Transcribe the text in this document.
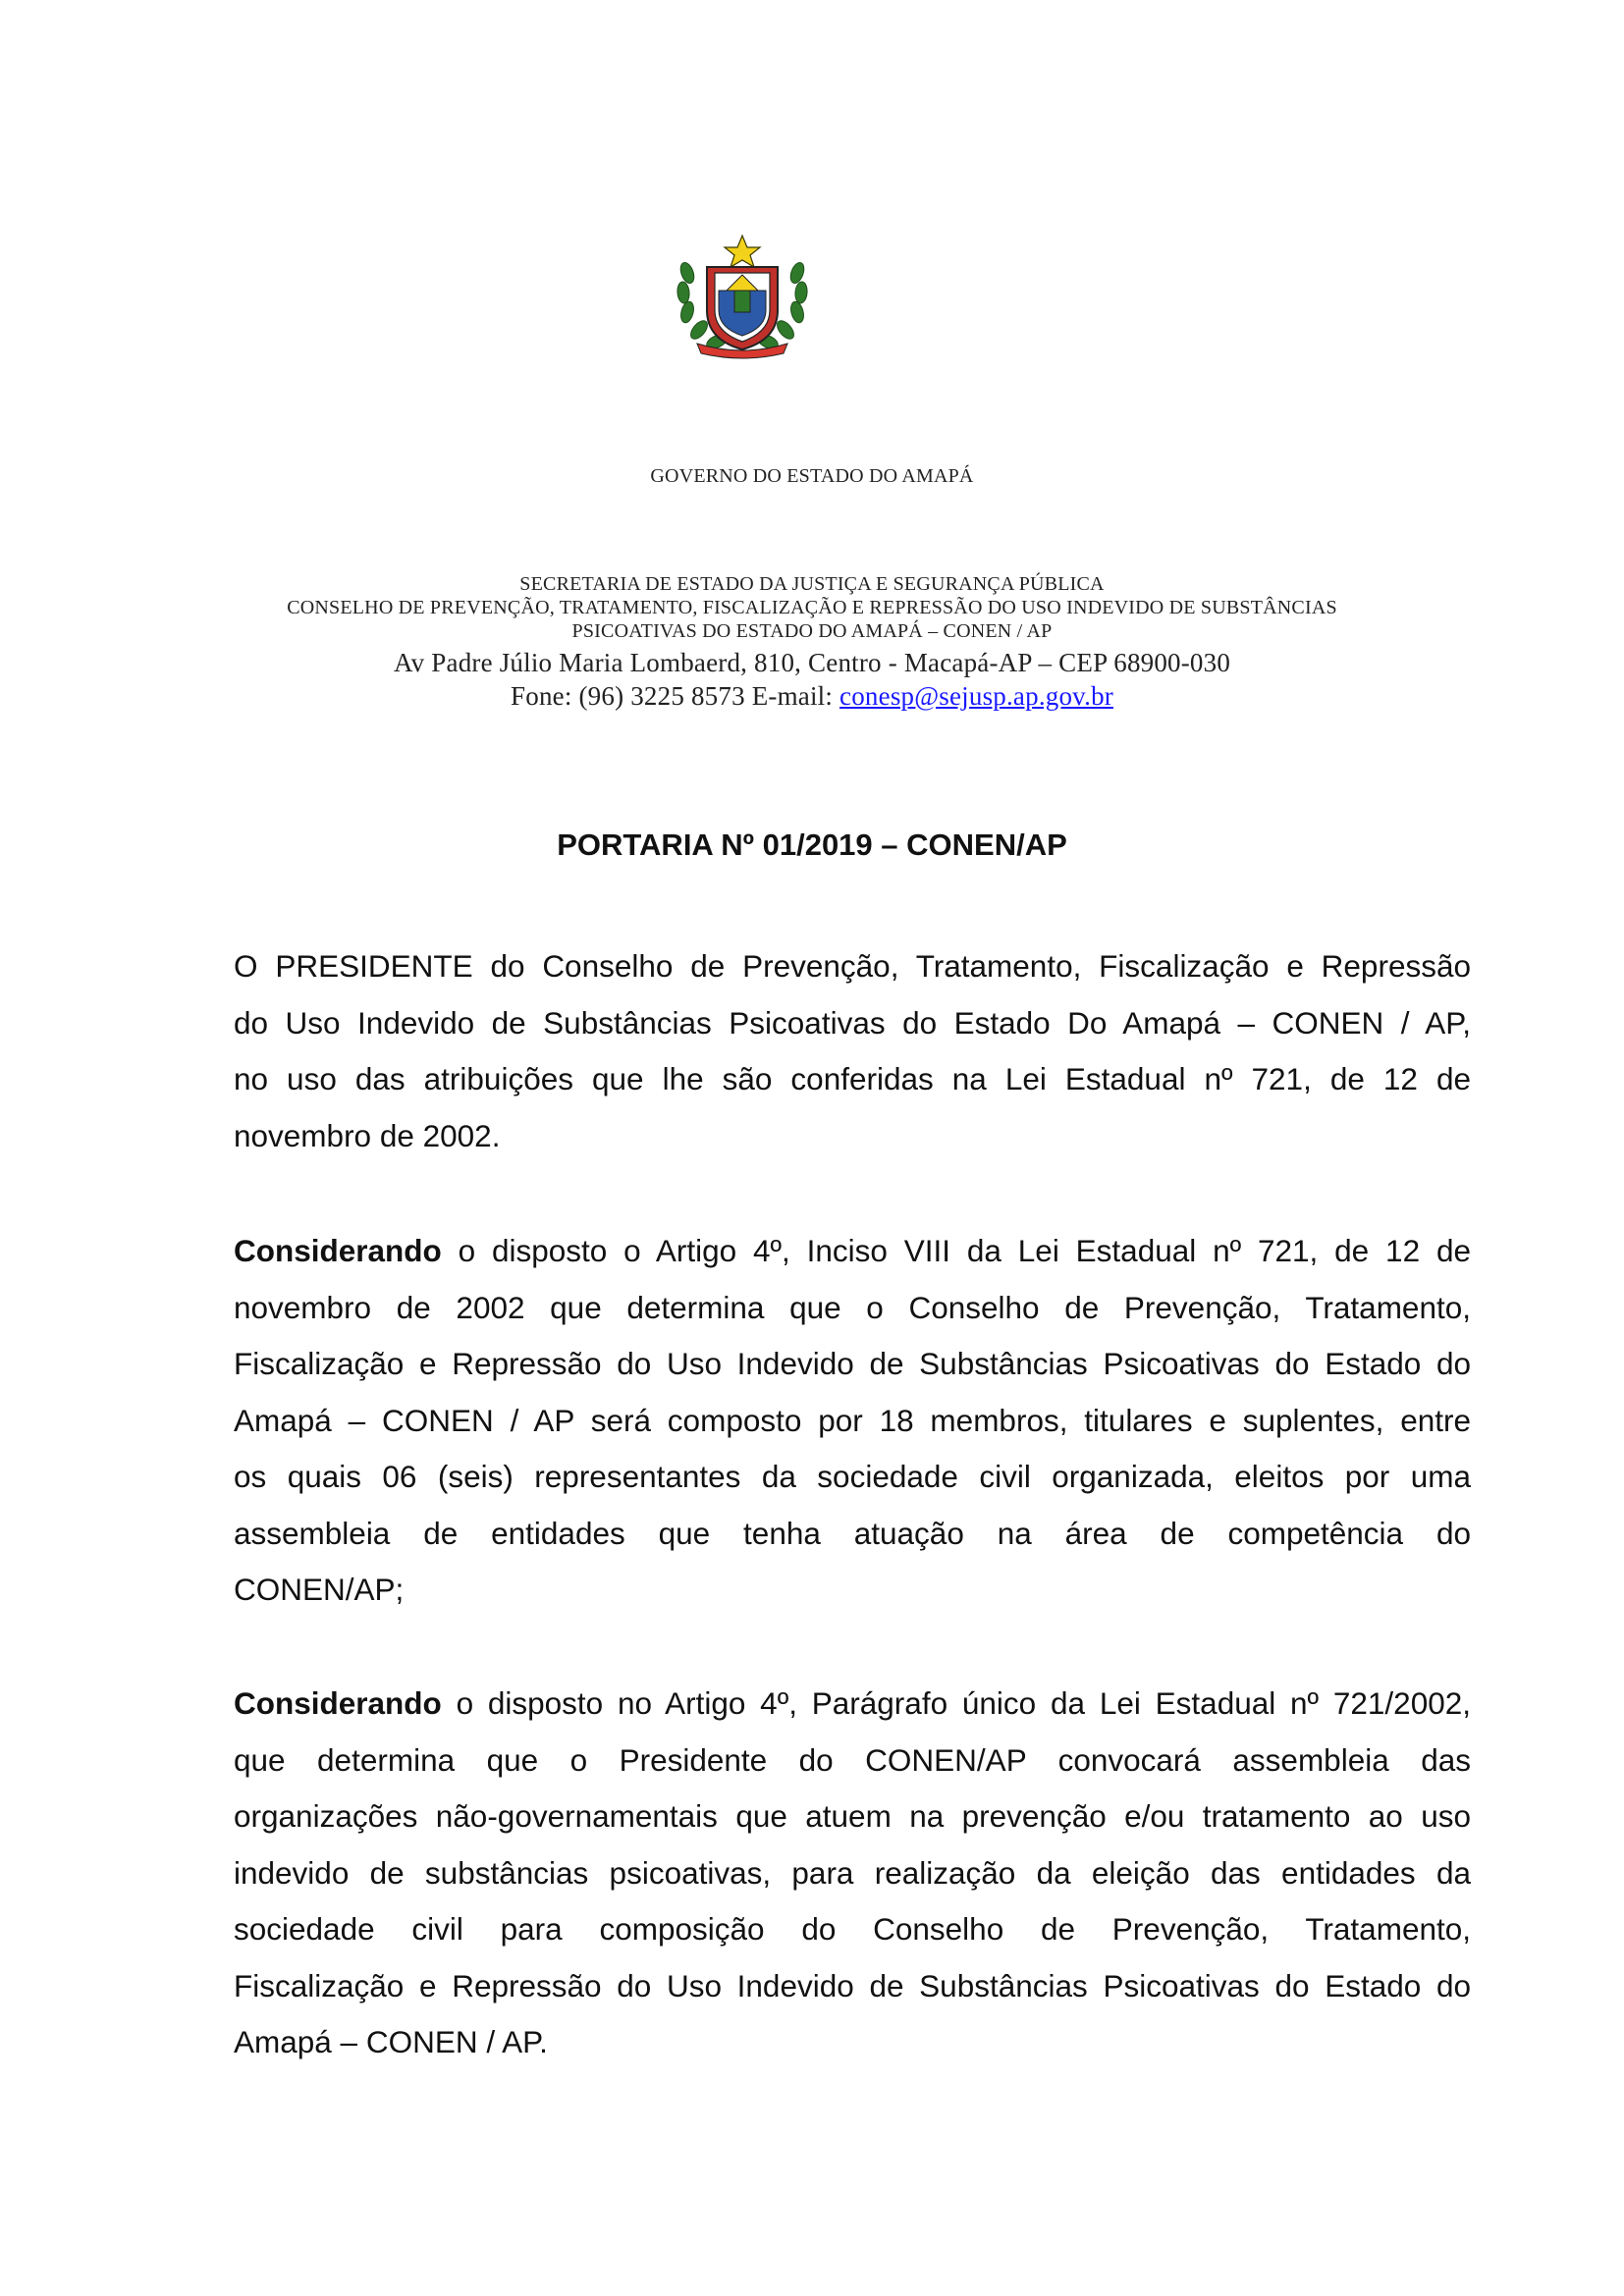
GOVERNO DO ESTADO DO AMAPÁ
SECRETARIA DE ESTADO DA JUSTIÇA E SEGURANÇA PÚBLICA
CONSELHO DE PREVENÇÃO, TRATAMENTO, FISCALIZAÇÃO E REPRESSÃO DO USO INDEVIDO DE SUBSTÂNCIAS
PSICOATIVAS DO ESTADO DO AMAPÁ – CONEN / AP
Av Padre Júlio Maria Lombaerd, 810, Centro - Macapá-AP – CEP 68900-030
Fone: (96) 3225 8573 E-mail: conesp@sejusp.ap.gov.br
PORTARIA Nº 01/2019 – CONEN/AP
O PRESIDENTE do Conselho de Prevenção, Tratamento, Fiscalização e Repressão
do Uso Indevido de Substâncias Psicoativas do Estado Do Amapá – CONEN / AP,
no uso das atribuições que lhe são conferidas na Lei Estadual nº 721, de 12 de
novembro de 2002.
Considerando o disposto o Artigo 4º, Inciso VIII da Lei Estadual nº 721, de 12 de
novembro de 2002 que determina que o Conselho de Prevenção, Tratamento,
Fiscalização e Repressão do Uso Indevido de Substâncias Psicoativas do Estado do
Amapá – CONEN / AP será composto por 18 membros, titulares e suplentes, entre
os quais 06 (seis) representantes da sociedade civil organizada, eleitos por uma
assembleia de entidades que tenha atuação na área de competência do
CONEN/AP;
Considerando o disposto no Artigo 4º, Parágrafo único da Lei Estadual nº 721/2002,
que determina que o Presidente do CONEN/AP convocará assembleia das
organizações não-governamentais que atuem na prevenção e/ou tratamento ao uso
indevido de substâncias psicoativas, para realização da eleição das entidades da
sociedade civil para composição do Conselho de Prevenção, Tratamento,
Fiscalização e Repressão do Uso Indevido de Substâncias Psicoativas do Estado do
Amapá – CONEN / AP.
